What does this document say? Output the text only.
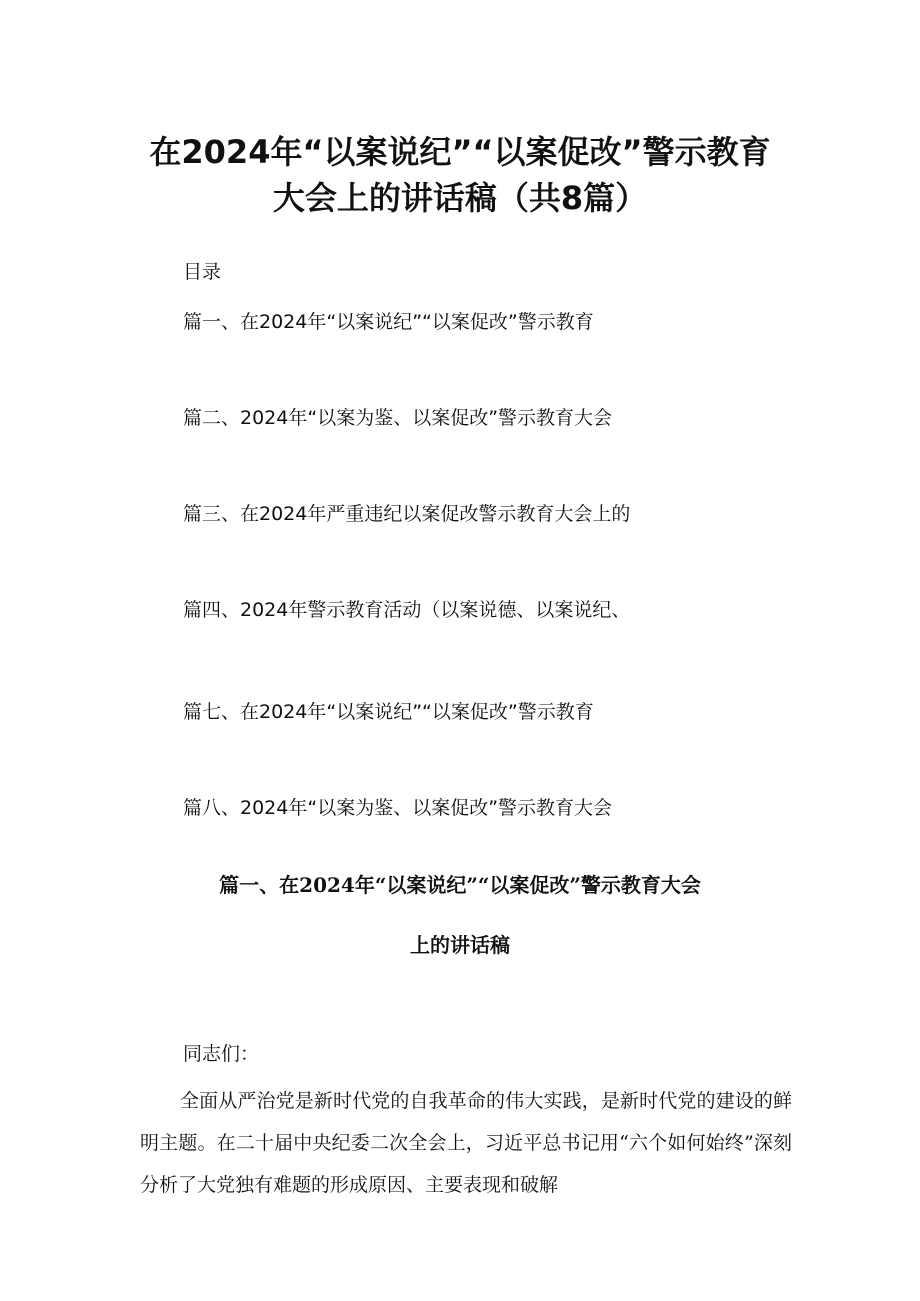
在2024年“以案说纪”“以案促改”警示教育
大会上的讲话稿（共8篇）
目录
篇一、在2024年“以案说纪”“以案促改”警示教育
篇二、2024年“以案为鉴、以案促改”警示教育大会
篇三、在2024年严重违纪以案促改警示教育大会上的
篇四、2024年警示教育活动（以案说德、以案说纪、
篇七、在2024年“以案说纪”“以案促改”警示教育
篇八、2024年“以案为鉴、以案促改”警示教育大会
篇一、在2024年“以案说纪”“以案促改”警示教育大会
上的讲话稿
同志们：

全面从严治党是新时代党的自我革命的伟大实践，是新时代党的建设的鲜明主题。在二十届中央纪委二次全会上，习近平总书记用“六个如何始终”深刻分析了大党独有难题的形成原因、主要表现和破解
